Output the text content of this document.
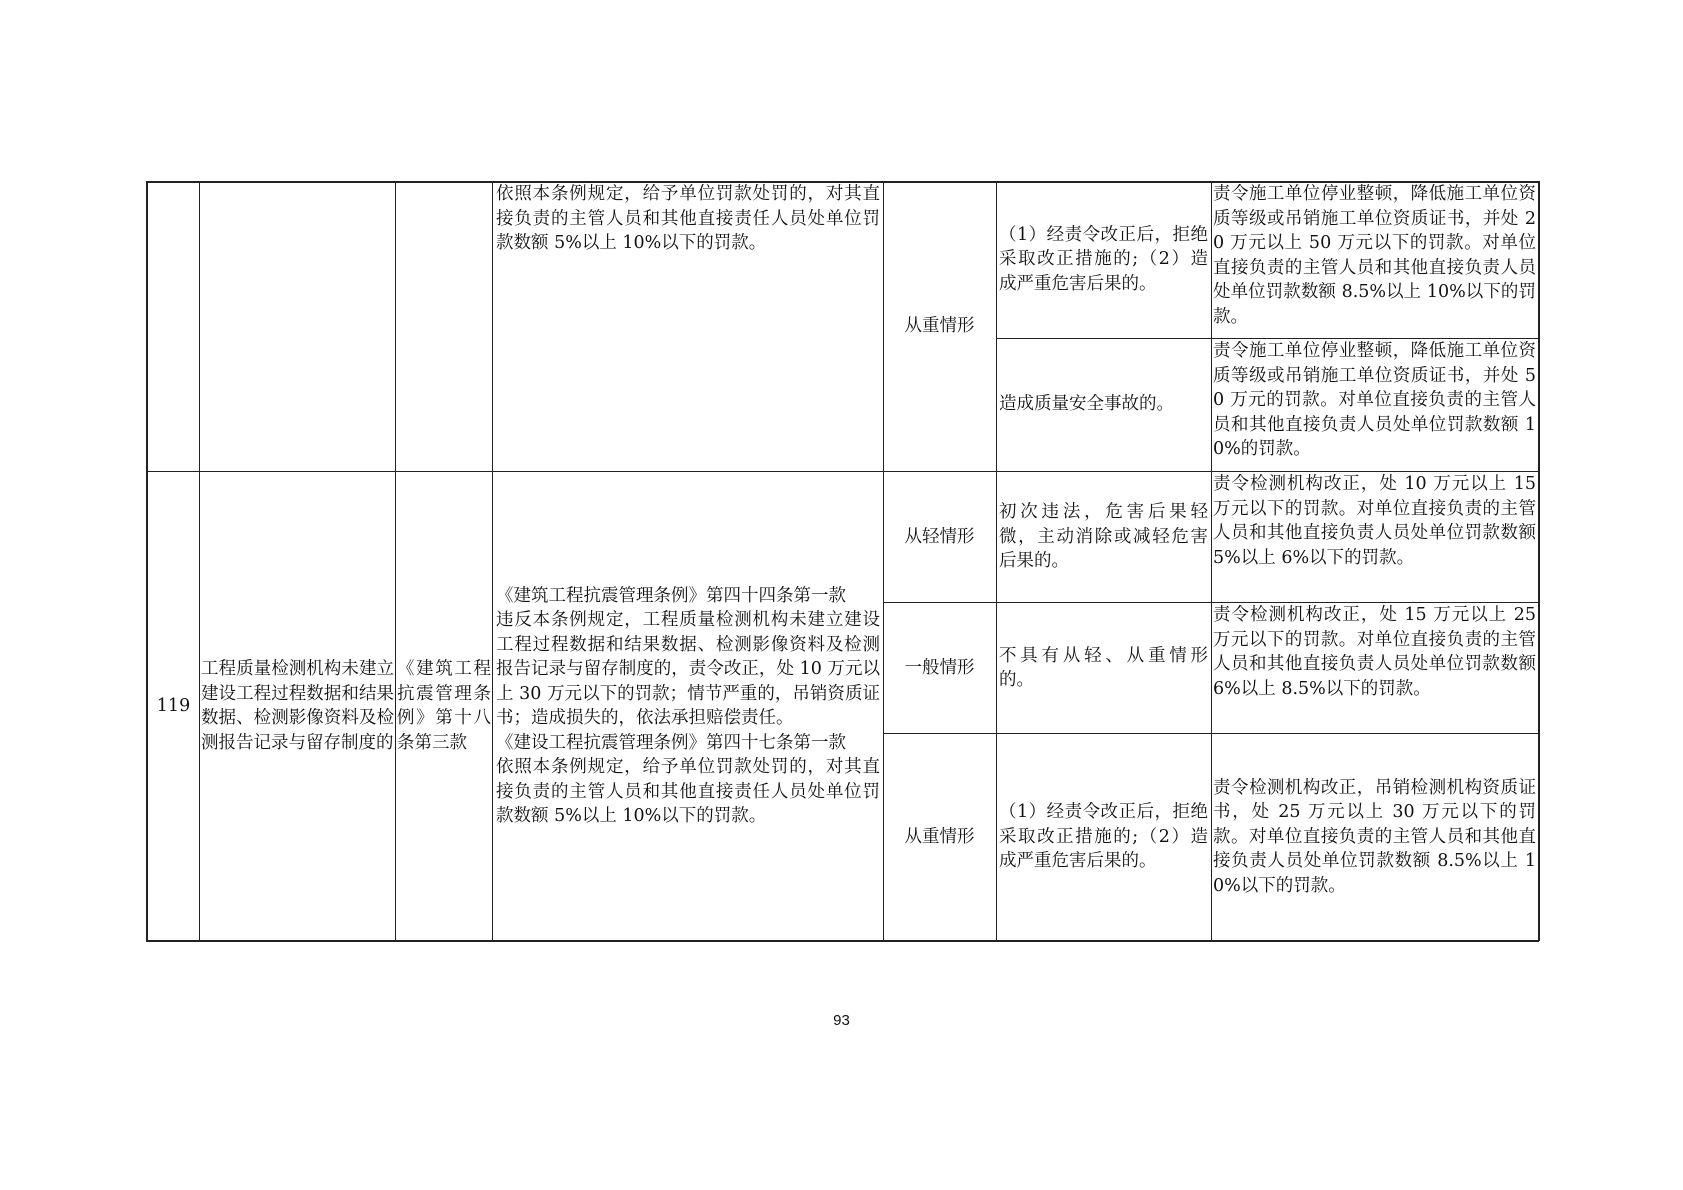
依照本条例规定，给予单位罚款处罚的，对其直接负责的主管人员和其他直接责任人员处单位罚款数额 5%以上 10%以下的罚款。
从重情形
（1）经责令改正后，拒绝采取改正措施的;（2）造成严重危害后果的。
责令施工单位停业整顿，降低施工单位资质等级或吊销施工单位资质证书，并处 20 万元以上 50 万元以下的罚款。对单位直接负责的主管人员和其他直接负责人员处单位罚款数额 8.5%以上 10%以下的罚款。
造成质量安全事故的。
责令施工单位停业整顿，降低施工单位资质等级或吊销施工单位资质证书，并处 50 万元的罚款。对单位直接负责的主管人员和其他直接负责人员处单位罚款数额 10%的罚款。
119
工程质量检测机构未建立建设工程过程数据和结果数据、检测影像资料及检测报告记录与留存制度的
《建筑工程抗震管理条例》第十八条第三款
《建筑工程抗震管理条例》第四十四条第一款
违反本条例规定，工程质量检测机构未建立建设工程过程数据和结果数据、检测影像资料及检测报告记录与留存制度的，责令改正，处 10 万元以上 30 万元以下的罚款；情节严重的，吊销资质证书；造成损失的，依法承担赔偿责任。
《建设工程抗震管理条例》第四十七条第一款
依照本条例规定，给予单位罚款处罚的，对其直接负责的主管人员和其他直接责任人员处单位罚款数额 5%以上 10%以下的罚款。
从轻情形
初次违法，危害后果轻微，主动消除或减轻危害后果的。
责令检测机构改正，处 10 万元以上 15 万元以下的罚款。对单位直接负责的主管人员和其他直接负责人员处单位罚款数额 5%以上 6%以下的罚款。
一般情形
不具有从轻、从重情形的。
责令检测机构改正，处 15 万元以上 25 万元以下的罚款。对单位直接负责的主管人员和其他直接负责人员处单位罚款数额 6%以上 8.5%以下的罚款。
从重情形
（1）经责令改正后，拒绝采取改正措施的;（2）造成严重危害后果的。
责令检测机构改正，吊销检测机构资质证书，处 25 万元以上 30 万元以下的罚款。对单位直接负责的主管人员和其他直接负责人员处单位罚款数额 8.5%以上 10%以下的罚款。
93
